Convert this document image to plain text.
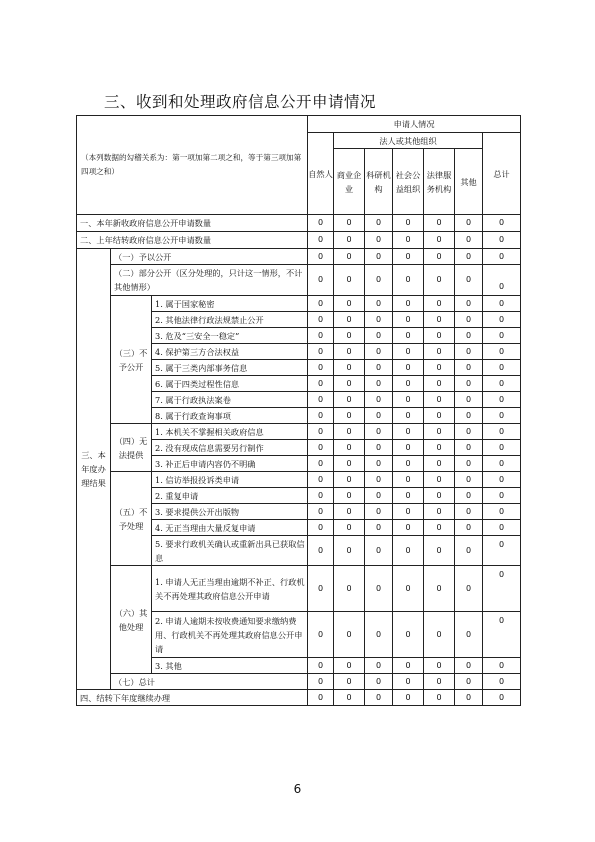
三、收到和处理政府信息公开申请情况
（本列数据的勾稽关系为：第一项加第二项之和，等于第三项加第四项之和）			申请人情况						
			自然人	法人或其他组织					总计
				商业企业	科研机构	社会公益组织	法律服务机构	其他	
一、本年新收政府信息公开申请数量			0	0	0	0	0	0	0
二、上年结转政府信息公开申请数量			0	0	0	0	0	0	0
三、本年度办理结果	（一）予以公开		0	0	0	0	0	0	0
	（二）部分公开（区分处理的，只计这一情形，不计其他情形）		0	0	0	0	0	0	0
	（三）不予公开	1. 属于国家秘密	0	0	0	0	0	0	0
		2. 其他法律行政法规禁止公开	0	0	0	0	0	0	0
		3. 危及“三安全一稳定”	0	0	0	0	0	0	0
		4. 保护第三方合法权益	0	0	0	0	0	0	0
		5. 属于三类内部事务信息	0	0	0	0	0	0	0
		6. 属于四类过程性信息	0	0	0	0	0	0	0
		7. 属于行政执法案卷	0	0	0	0	0	0	0
		8. 属于行政查询事项	0	0	0	0	0	0	0
	（四）无法提供	1. 本机关不掌握相关政府信息	0	0	0	0	0	0	0
		2. 没有现成信息需要另行制作	0	0	0	0	0	0	0
		3. 补正后申请内容仍不明确	0	0	0	0	0	0	0
	（五）不予处理	1. 信访举报投诉类申请	0	0	0	0	0	0	0
		2. 重复申请	0	0	0	0	0	0	0
		3. 要求提供公开出版物	0	0	0	0	0	0	0
		4. 无正当理由大量反复申请	0	0	0	0	0	0	0
		5. 要求行政机关确认或重新出具已获取信息	0	0	0	0	0	0	0
	（六）其他处理	1. 申请人无正当理由逾期不补正、行政机关不再处理其政府信息公开申请	0	0	0	0	0	0	0
		2. 申请人逾期未按收费通知要求缴纳费用、行政机关不再处理其政府信息公开申请	0	0	0	0	0	0	0
		3. 其他	0	0	0	0	0	0	0
	（七）总计		0	0	0	0	0	0	0
四、结转下年度继续办理			0	0	0	0	0	0	0
6
